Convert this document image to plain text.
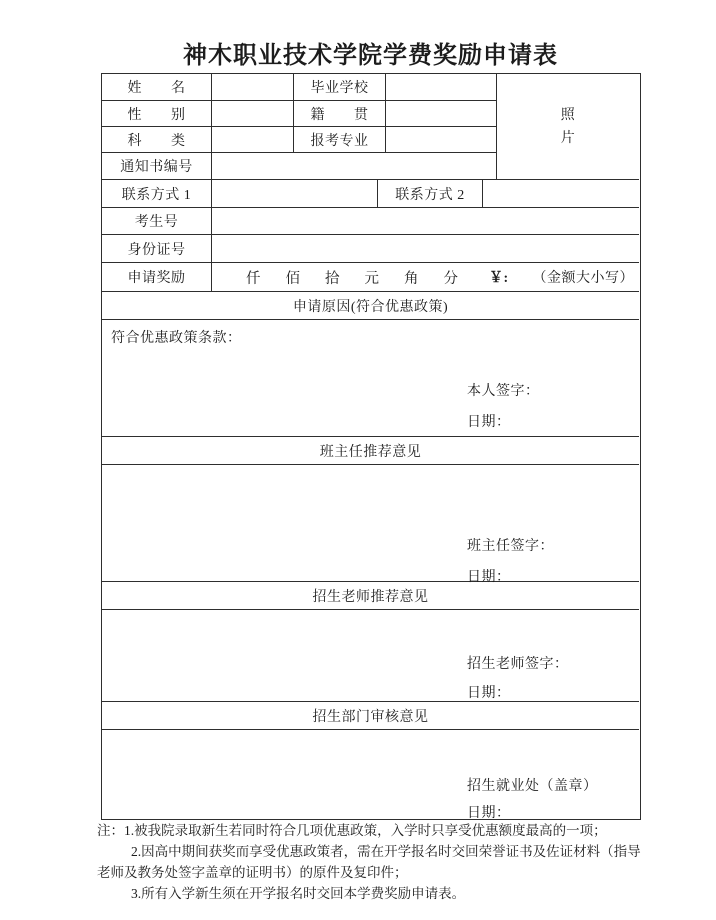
神木职业技术学院学费奖励申请表
姓　　名	毕业学校
照
片
性　　别	籍　　贯
科　　类	报考专业
通知书编号
联系方式 1	联系方式 2
考生号
身份证号
申请奖励	仟佰拾元角分 ￥: （金额大小写）
申请原因(符合优惠政策)
符合优惠政策条款：
本人签字：
日期：
班主任推荐意见
班主任签字：
日期：
招生老师推荐意见
招生老师签字：
日期：
招生部门审核意见
招生就业处（盖章）
日期：
注：1.被我院录取新生若同时符合几项优惠政策，入学时只享受优惠额度最高的一项；
2.因高中期间获奖而享受优惠政策者，需在开学报名时交回荣誉证书及佐证材料（指导
老师及教务处签字盖章的证明书）的原件及复印件；
3.所有入学新生须在开学报名时交回本学费奖励申请表。
